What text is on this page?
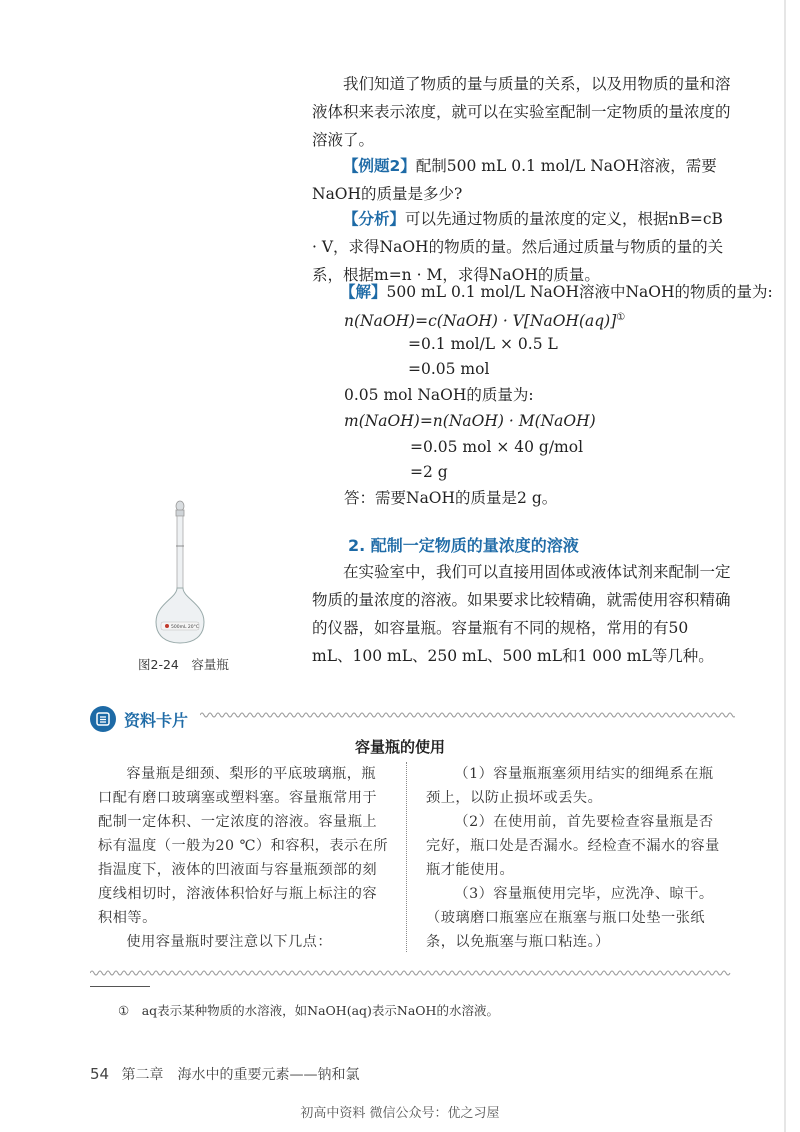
我们知道了物质的量与质量的关系，以及用物质的量和溶液体积来表示浓度，就可以在实验室配制一定物质的量浓度的溶液了。

【例题2】配制500 mL 0.1 mol/L NaOH溶液，需要NaOH的质量是多少?

【分析】可以先通过物质的量浓度的定义，根据nB=cB · V，求得NaOH的物质的量。然后通过质量与物质的量的关系，根据m=n · M，求得NaOH的质量。

【解】500 mL 0.1 mol/L NaOH溶液中NaOH的物质的量为:
n(NaOH)=c(NaOH) · V[NaOH(aq)]①
=0.1 mol/L × 0.5 L
=0.05 mol
0.05 mol NaOH的质量为:
m(NaOH)=n(NaOH) · M(NaOH)
=0.05 mol × 40 g/mol
=2 g
答：需要NaOH的质量是2 g。
2. 配制一定物质的量浓度的溶液

在实验室中，我们可以直接用固体或液体试剂来配制一定物质的量浓度的溶液。如果要求比较精确，就需使用容积精确的仪器，如容量瓶。容量瓶有不同的规格，常用的有50 mL、100 mL、250 mL、500 mL和1 000 mL等几种。

500mL 20°C
图2-24　容量瓶
资料卡片
容量瓶的使用

容量瓶是细颈、梨形的平底玻璃瓶，瓶口配有磨口玻璃塞或塑料塞。容量瓶常用于配制一定体积、一定浓度的溶液。容量瓶上标有温度（一般为20 ℃）和容积，表示在所指温度下，液体的凹液面与容量瓶颈部的刻度线相切时，溶液体积恰好与瓶上标注的容积相等。

使用容量瓶时要注意以下几点：

（1）容量瓶瓶塞须用结实的细绳系在瓶颈上，以防止损坏或丢失。

（2）在使用前，首先要检查容量瓶是否完好，瓶口处是否漏水。经检查不漏水的容量瓶才能使用。

（3）容量瓶使用完毕，应洗净、晾干。（玻璃磨口瓶塞应在瓶塞与瓶口处垫一张纸条，以免瓶塞与瓶口粘连。）

①　aq表示某种物质的水溶液，如NaOH(aq)表示NaOH的水溶液。
54 第二章　海水中的重要元素——钠和氯
初高中资料 微信公众号：优之习屋
